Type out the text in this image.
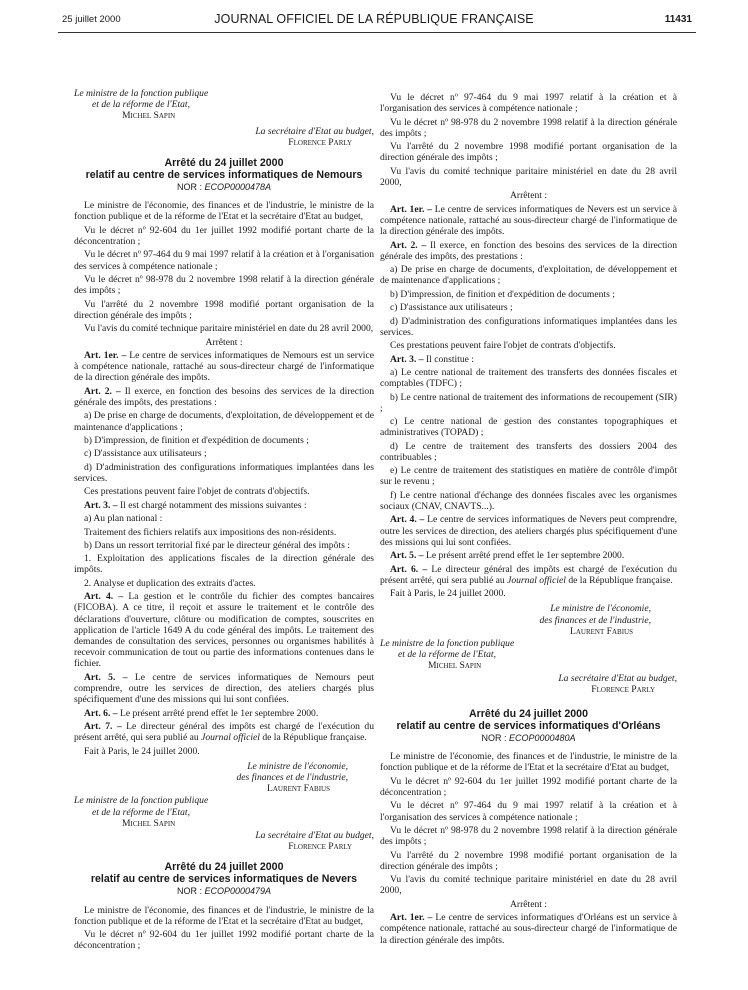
25 juillet 2000	JOURNAL OFFICIEL DE LA RÉPUBLIQUE FRANÇAISE	11431
Le ministre de la fonction publique
et de la réforme de l'Etat,
Michel Sapin
La secrétaire d'Etat au budget,
Florence Parly
Arrêté du 24 juillet 2000
relatif au centre de services informatiques de Nemours
NOR : ECOP0000478A

Le ministre de l'économie, des finances et de l'industrie, le ministre de la fonction publique et de la réforme de l'Etat et la secrétaire d'Etat au budget,

Vu le décret nº 92-604 du 1er juillet 1992 modifié portant charte de la déconcentration ;

Vu le décret nº 97-464 du 9 mai 1997 relatif à la création et à l'organisation des services à compétence nationale ;

Vu le décret nº 98-978 du 2 novembre 1998 relatif à la direction générale des impôts ;

Vu l'arrêté du 2 novembre 1998 modifié portant organisation de la direction générale des impôts ;

Vu l'avis du comité technique paritaire ministériel en date du 28 avril 2000,

Arrêtent :

Art. 1er. – Le centre de services informatiques de Nemours est un service à compétence nationale, rattaché au sous-directeur chargé de l'informatique de la direction générale des impôts.

Art. 2. – Il exerce, en fonction des besoins des services de la direction générale des impôts, des prestations :

a) De prise en charge de documents, d'exploitation, de développement et de maintenance d'applications ;

b) D'impression, de finition et d'expédition de documents ;

c) D'assistance aux utilisateurs ;

d) D'administration des configurations informatiques implantées dans les services.

Ces prestations peuvent faire l'objet de contrats d'objectifs.

Art. 3. – Il est chargé notamment des missions suivantes :

a) Au plan national :

Traitement des fichiers relatifs aux impositions des non-résidents.

b) Dans un ressort territorial fixé par le directeur général des impôts :

1. Exploitation des applications fiscales de la direction générale des impôts.

2. Analyse et duplication des extraits d'actes.

Art. 4. – La gestion et le contrôle du fichier des comptes bancaires (FICOBA). A ce titre, il reçoit et assure le traitement et le contrôle des déclarations d'ouverture, clôture ou modification de comptes, souscrites en application de l'article 1649 A du code général des impôts. Le traitement des demandes de consultation des services, personnes ou organismes habilités à recevoir communication de tout ou partie des informations contenues dans le fichier.

Art. 5. – Le centre de services informatiques de Nemours peut comprendre, outre les services de direction, des ateliers chargés plus spécifiquement d'une des missions qui lui sont confiées.

Art. 6. – Le présent arrêté prend effet le 1er septembre 2000.

Art. 7. – Le directeur général des impôts est chargé de l'exécution du présent arrêté, qui sera publié au Journal officiel de la République française.

Fait à Paris, le 24 juillet 2000.

Le ministre de l'économie,
des finances et de l'industrie,
Laurent Fabius
Le ministre de la fonction publique
et de la réforme de l'Etat,
Michel Sapin
La secrétaire d'Etat au budget,
Florence Parly
Arrêté du 24 juillet 2000
relatif au centre de services informatiques de Nevers
NOR : ECOP0000479A

Le ministre de l'économie, des finances et de l'industrie, le ministre de la fonction publique et de la réforme de l'Etat et la secrétaire d'Etat au budget,

Vu le décret nº 92-604 du 1er juillet 1992 modifié portant charte de la déconcentration ;

Vu le décret nº 97-464 du 9 mai 1997 relatif à la création et à l'organisation des services à compétence nationale ;

Vu le décret nº 98-978 du 2 novembre 1998 relatif à la direction générale des impôts ;

Vu l'arrêté du 2 novembre 1998 modifié portant organisation de la direction générale des impôts ;

Vu l'avis du comité technique paritaire ministériel en date du 28 avril 2000,

Arrêtent :

Art. 1er. – Le centre de services informatiques de Nevers est un service à compétence nationale, rattaché au sous-directeur chargé de l'informatique de la direction générale des impôts.

Art. 2. – Il exerce, en fonction des besoins des services de la direction générale des impôts, des prestations :

a) De prise en charge de documents, d'exploitation, de développement et de maintenance d'applications ;

b) D'impression, de finition et d'expédition de documents ;

c) D'assistance aux utilisateurs ;

d) D'administration des configurations informatiques implantées dans les services.

Ces prestations peuvent faire l'objet de contrats d'objectifs.

Art. 3. – Il constitue :

a) Le centre national de traitement des transferts des données fiscales et comptables (TDFC) ;

b) Le centre national de traitement des informations de recoupement (SIR) ;

c) Le centre national de gestion des constantes topographiques et administratives (TOPAD) ;

d) Le centre de traitement des transferts des dossiers 2004 des contribuables ;

e) Le centre de traitement des statistiques en matière de contrôle d'impôt sur le revenu ;

f) Le centre national d'échange des données fiscales avec les organismes sociaux (CNAV, CNAVTS...).

Art. 4. – Le centre de services informatiques de Nevers peut comprendre, outre les services de direction, des ateliers chargés plus spécifiquement d'une des missions qui lui sont confiées.

Art. 5. – Le présent arrêté prend effet le 1er septembre 2000.

Art. 6. – Le directeur général des impôts est chargé de l'exécution du présent arrêté, qui sera publié au Journal officiel de la République française.

Fait à Paris, le 24 juillet 2000.

Le ministre de l'économie,
des finances et de l'industrie,
Laurent Fabius
Le ministre de la fonction publique
et de la réforme de l'Etat,
Michel Sapin
La secrétaire d'Etat au budget,
Florence Parly
Arrêté du 24 juillet 2000
relatif au centre de services informatiques d'Orléans
NOR : ECOP0000480A

Le ministre de l'économie, des finances et de l'industrie, le ministre de la fonction publique et de la réforme de l'Etat et la secrétaire d'Etat au budget,

Vu le décret nº 92-604 du 1er juillet 1992 modifié portant charte de la déconcentration ;

Vu le décret nº 97-464 du 9 mai 1997 relatif à la création et à l'organisation des services à compétence nationale ;

Vu le décret nº 98-978 du 2 novembre 1998 relatif à la direction générale des impôts ;

Vu l'arrêté du 2 novembre 1998 modifié portant organisation de la direction générale des impôts ;

Vu l'avis du comité technique paritaire ministériel en date du 28 avril 2000,

Arrêtent :

Art. 1er. – Le centre de services informatiques d'Orléans est un service à compétence nationale, rattaché au sous-directeur chargé de l'informatique de la direction générale des impôts.
